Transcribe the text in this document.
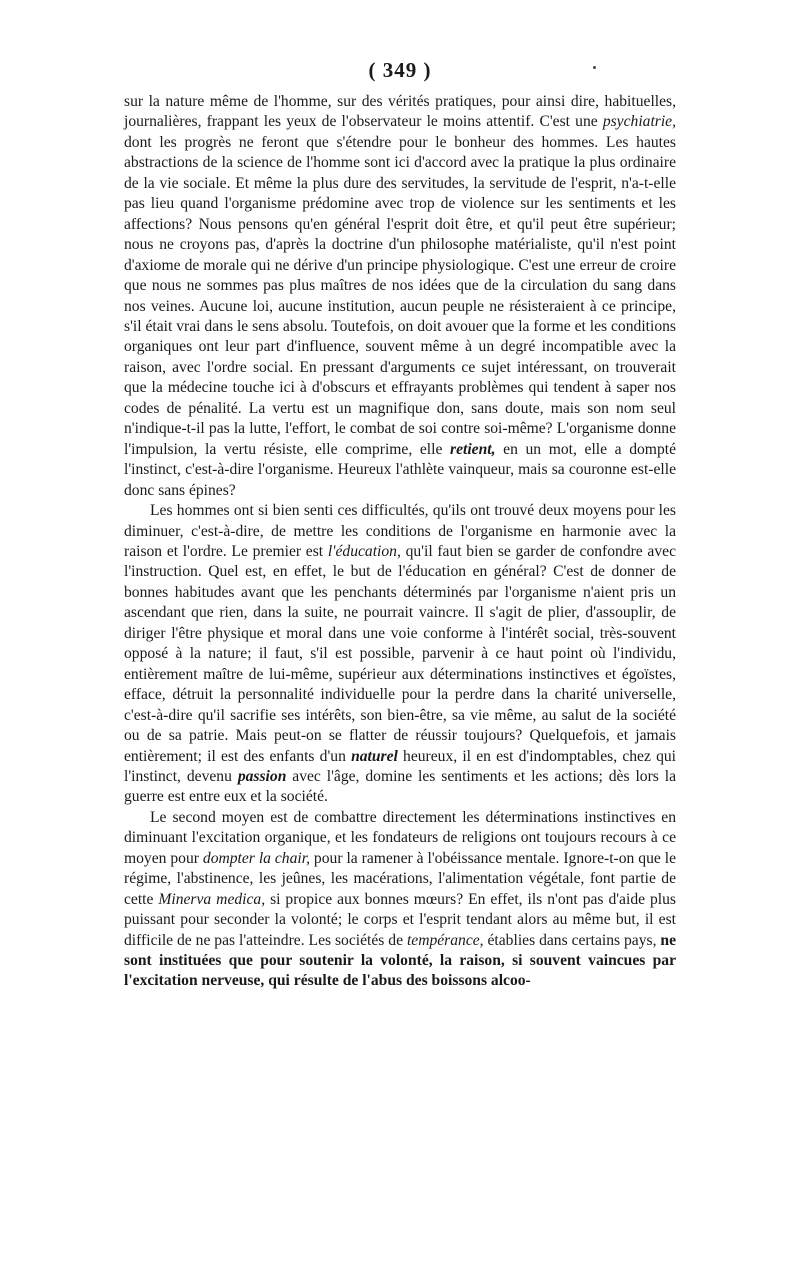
( 349 )

sur la nature même de l'homme, sur des vérités pratiques, pour ainsi dire, habituelles, journalières, frappant les yeux de l'observateur le moins attentif. C'est une psychiatrie, dont les progrès ne feront que s'étendre pour le bonheur des hommes. Les hautes abstractions de la science de l'homme sont ici d'accord avec la pratique la plus ordinaire de la vie sociale. Et même la plus dure des servitudes, la servitude de l'esprit, n'a-t-elle pas lieu quand l'organisme prédomine avec trop de violence sur les sentiments et les affections? Nous pensons qu'en général l'esprit doit être, et qu'il peut être supérieur; nous ne croyons pas, d'après la doctrine d'un philosophe matérialiste, qu'il n'est point d'axiome de morale qui ne dérive d'un principe physiologique. C'est une erreur de croire que nous ne sommes pas plus maîtres de nos idées que de la circulation du sang dans nos veines. Aucune loi, aucune institution, aucun peuple ne résisteraient à ce principe, s'il était vrai dans le sens absolu. Toutefois, on doit avouer que la forme et les conditions organiques ont leur part d'influence, souvent même à un degré incompatible avec la raison, avec l'ordre social. En pressant d'arguments ce sujet intéressant, on trouverait que la médecine touche ici à d'obscurs et effrayants problèmes qui tendent à saper nos codes de pénalité. La vertu est un magnifique don, sans doute, mais son nom seul n'indique-t-il pas la lutte, l'effort, le combat de soi contre soi-même? L'organisme donne l'impulsion, la vertu résiste, elle comprime, elle retient, en un mot, elle a dompté l'instinct, c'est-à-dire l'organisme. Heureux l'athlète vainqueur, mais sa couronne est-elle donc sans épines?

Les hommes ont si bien senti ces difficultés, qu'ils ont trouvé deux moyens pour les diminuer, c'est-à-dire, de mettre les conditions de l'organisme en harmonie avec la raison et l'ordre. Le premier est l'éducation, qu'il faut bien se garder de confondre avec l'instruction. Quel est, en effet, le but de l'éducation en général? C'est de donner de bonnes habitudes avant que les penchants déterminés par l'organisme n'aient pris un ascendant que rien, dans la suite, ne pourrait vaincre. Il s'agit de plier, d'assouplir, de diriger l'être physique et moral dans une voie conforme à l'intérêt social, très-souvent opposé à la nature; il faut, s'il est possible, parvenir à ce haut point où l'individu, entièrement maître de lui-même, supérieur aux déterminations instinctives et égoïstes, efface, détruit la personnalité individuelle pour la perdre dans la charité universelle, c'est-à-dire qu'il sacrifie ses intérêts, son bien-être, sa vie même, au salut de la société ou de sa patrie. Mais peut-on se flatter de réussir toujours? Quelquefois, et jamais entièrement; il est des enfants d'un naturel heureux, il en est d'indomptables, chez qui l'instinct, devenu passion avec l'âge, domine les sentiments et les actions; dès lors la guerre est entre eux et la société.

Le second moyen est de combattre directement les déterminations instinctives en diminuant l'excitation organique, et les fondateurs de religions ont toujours recours à ce moyen pour dompter la chair, pour la ramener à l'obéissance mentale. Ignore-t-on que le régime, l'abstinence, les jeûnes, les macérations, l'alimentation végétale, font partie de cette Minerva medica, si propice aux bonnes mœurs? En effet, ils n'ont pas d'aide plus puissant pour seconder la volonté; le corps et l'esprit tendant alors au même but, il est difficile de ne pas l'atteindre. Les sociétés de tempérance, établies dans certains pays, ne sont instituées que pour soutenir la volonté, la raison, si souvent vaincues par l'excitation nerveuse, qui résulte de l'abus des boissons alcoo-
